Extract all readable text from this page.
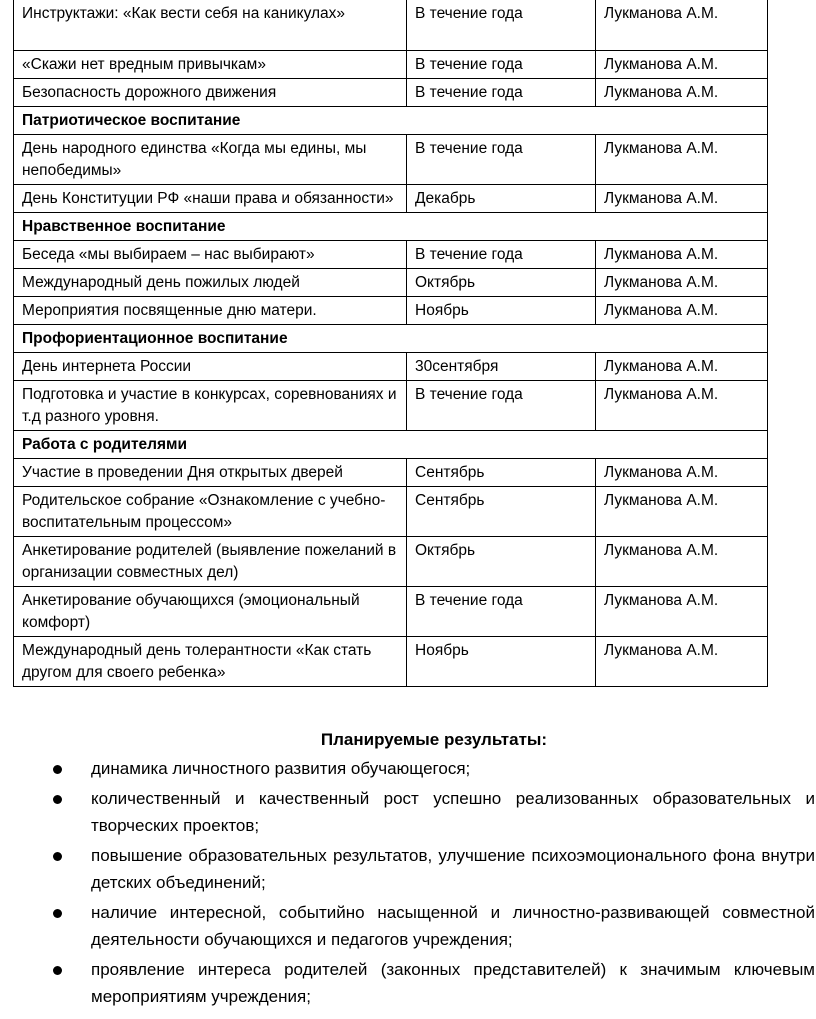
Инструктажи: «Как вести себя на каникулах»	В течение года	Лукманова А.М.
«Скажи нет вредным привычкам»	В течение года	Лукманова А.М.
Безопасность дорожного движения	В течение года	Лукманова А.М.
Патриотическое воспитание		
День народного единства «Когда мы едины, мы непобедимы»	В течение года	Лукманова А.М.
День Конституции РФ «наши права и обязанности»	Декабрь	Лукманова А.М.
Нравственное воспитание		
Беседа «мы выбираем – нас выбирают»	В течение года	Лукманова А.М.
Международный день пожилых людей	Октябрь	Лукманова А.М.
Мероприятия посвященные дню матери.	Ноябрь	Лукманова А.М.
Профориентационное воспитание		
День интернета России	30сентября	Лукманова А.М.
Подготовка и участие в конкурсах, соревнованиях и т.д разного уровня.	В течение года	Лукманова А.М.
Работа с родителями		
Участие в проведении Дня открытых дверей	Сентябрь	Лукманова А.М.
Родительское собрание «Ознакомление с учебно-воспитательным процессом»	Сентябрь	Лукманова А.М.
Анкетирование родителей (выявление пожеланий в организации совместных дел)	Октябрь	Лукманова А.М.
Анкетирование обучающихся (эмоциональный комфорт)	В течение года	Лукманова А.М.
Международный день толерантности «Как стать другом для своего ребенка»	Ноябрь	Лукманова А.М.
Планируемые результаты:
динамика личностного развития обучающегося;
количественный и качественный рост успешно реализованных образовательных и творческих проектов;
повышение образовательных результатов, улучшение психоэмоционального фона внутри детских объединений;
наличие интересной, событийно насыщенной и личностно-развивающей совместной деятельности обучающихся и педагогов учреждения;
проявление интереса родителей (законных представителей) к значимым ключевым мероприятиям учреждения;
